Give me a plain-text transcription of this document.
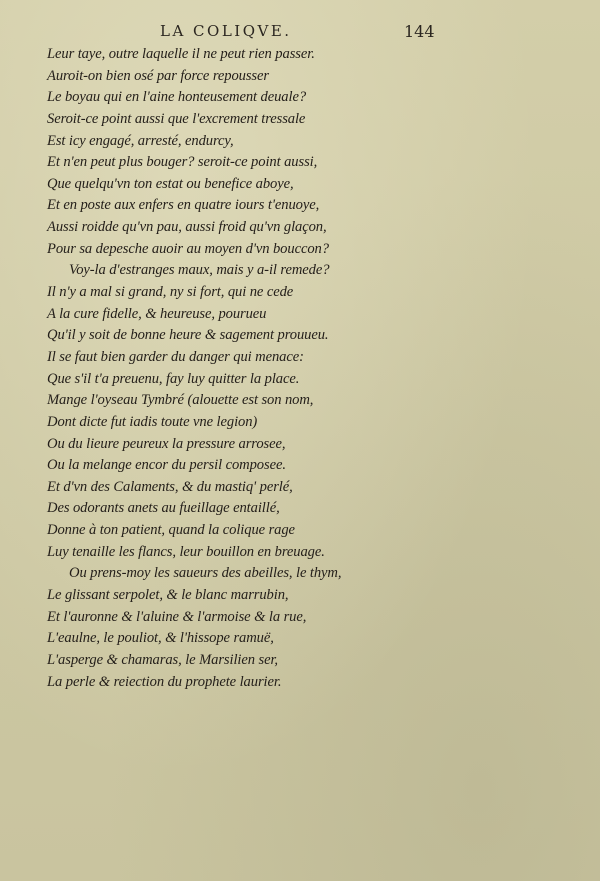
LA COLIQVE.	144
Leur taye, outre laquelle il ne peut rien passer.
Auroit-on bien osé par force repousser
Le boyau qui en l'aine honteusement deuale?
Seroit-ce point aussi que l'excrement tressale
Est icy engagé, arresté, endurcy,
Et n'en peut plus bouger? seroit-ce point aussi,
Que quelqu'vn ton estat ou benefice aboye,
Et en poste aux enfers en quatre iours t'enuoye,
Aussi roidde qu'vn pau, aussi froid qu'vn glaçon,
Pour sa depesche auoir au moyen d'vn bouccon?
Voy-la d'estranges maux, mais y a-il remede?
Il n'y a mal si grand, ny si fort, qui ne cede
A la cure fidelle, & heureuse, pourueu
Qu'il y soit de bonne heure & sagement prouueu.
Il se faut bien garder du danger qui menace:
Que s'il t'a preuenu, fay luy quitter la place.
Mange l'oyseau Tymbré (alouette est son nom,
Dont dicte fut iadis toute vne legion)
Ou du lieure peureux la pressure arrosee,
Ou la melange encor du persil composee.
Et d'vn des Calaments, & du mastiq' perlé,
Des odorants anets au fueillage entaillé,
Donne à ton patient, quand la colique rage
Luy tenaille les flancs, leur bouillon en breuage.
Ou prens-moy les saueurs des abeilles, le thym,
Le glissant serpolet, & le blanc marrubin,
Et l'auronne & l'aluine & l'armoise & la rue,
L'eaulne, le pouliot, & l'hissope ramuë,
L'asperge & chamaras, le Marsilien ser,
La perle & reiection du prophete laurier.
